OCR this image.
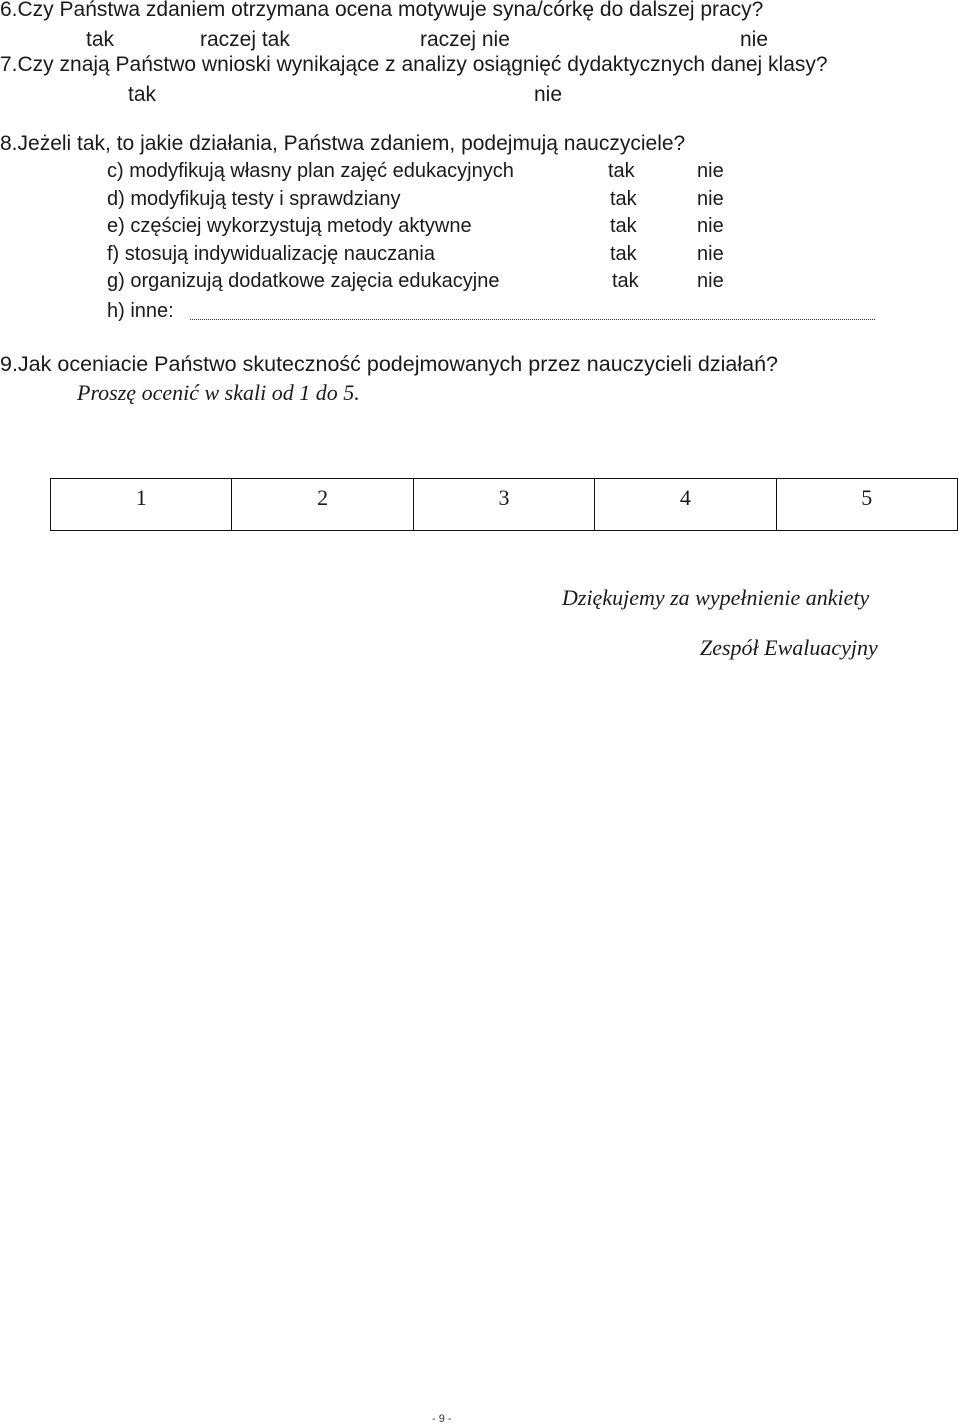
6.Czy Państwa zdaniem otrzymana ocena motywuje syna/córkę do dalszej pracy?
tak	raczej tak	raczej nie	nie
7.Czy znają Państwo wnioski wynikające z analizy osiągnięć dydaktycznych danej klasy?
tak	nie
8.Jeżeli tak, to jakie działania, Państwa zdaniem, podejmują nauczyciele?
c) modyfikują własny plan zajęć edukacyjnych	tak	nie
d) modyfikują testy i sprawdziany	tak	nie
e) częściej wykorzystują metody aktywne	tak	nie
f) stosują indywidualizację nauczania	tak	nie
g) organizują dodatkowe zajęcia edukacyjne	tak	nie
h) inne:
9.Jak oceniacie Państwo skuteczność podejmowanych przez nauczycieli działań?
Proszę ocenić w skali od 1 do 5.
1	2	3	4	5
Dziękujemy za wypełnienie ankiety
Zespół Ewaluacyjny
- 9 -
